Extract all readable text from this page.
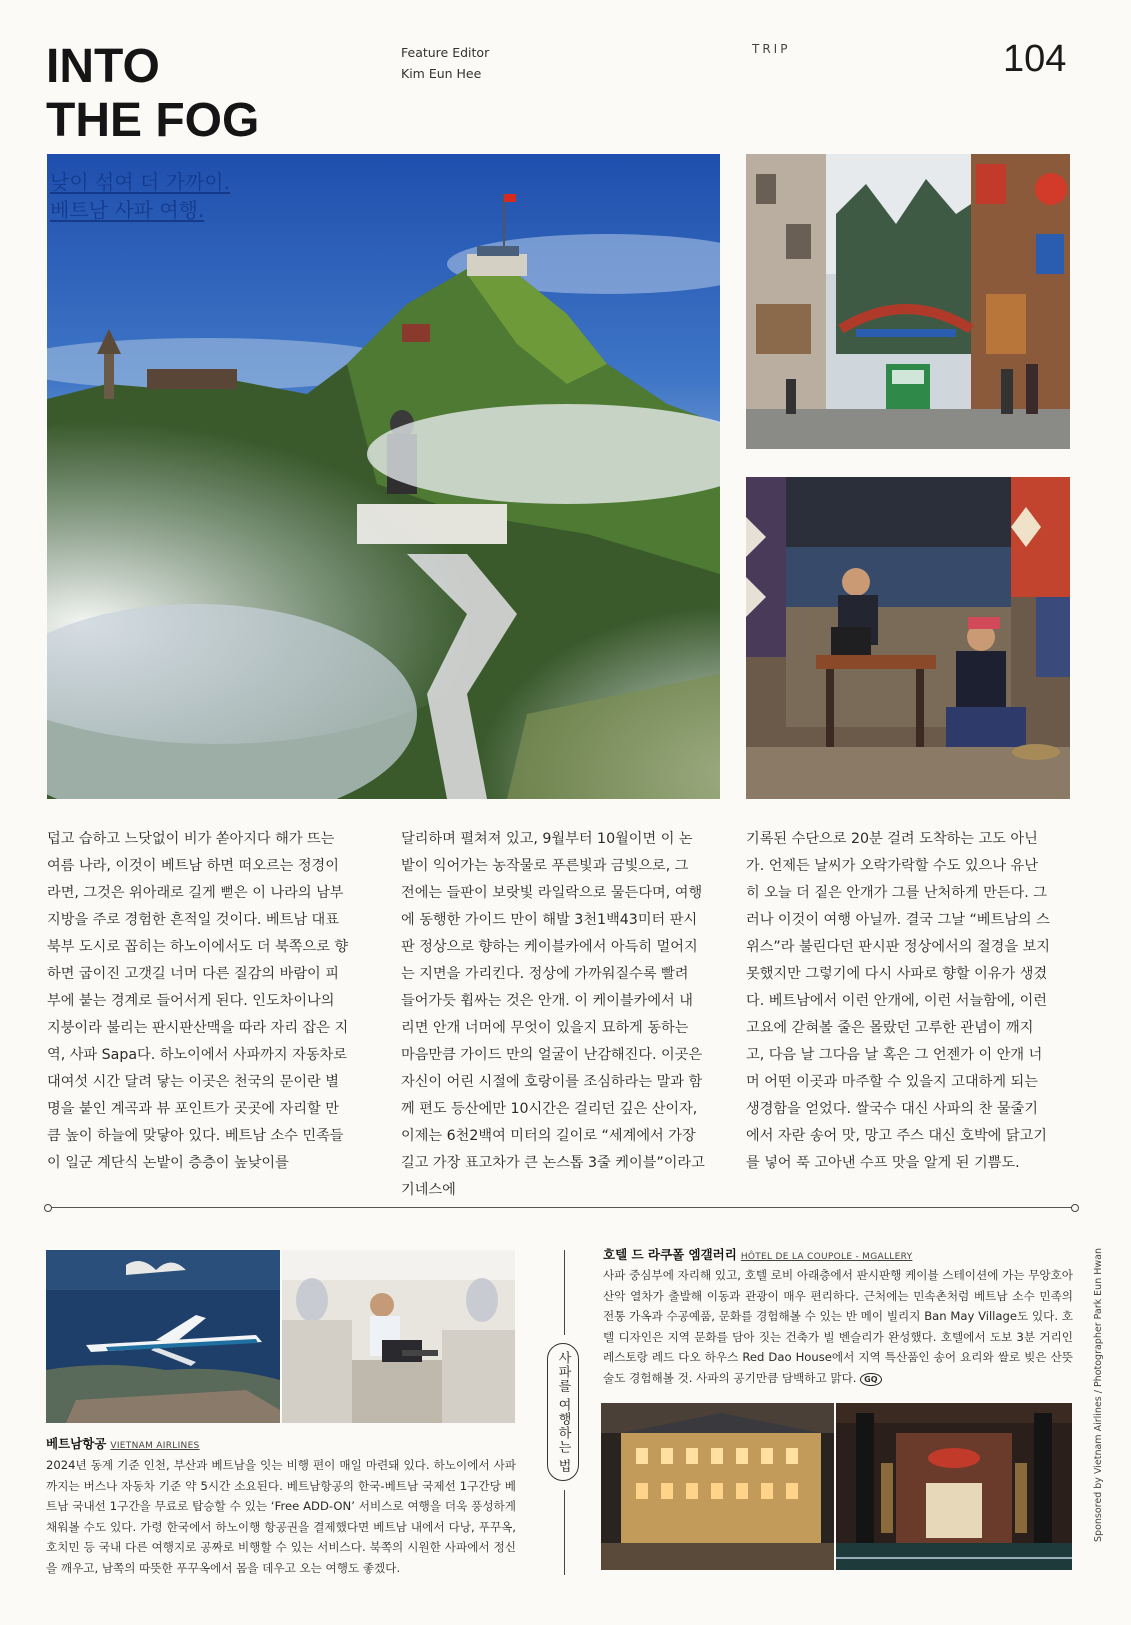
INTO
THE FOG
Feature Editor
Kim Eun Hee
TRIP	104
낮이 섞여 더 가까이.
베트남 사파 여행.

덥고 습하고 느닷없이 비가 쏟아지다 해가 뜨는 여름 나라, 이것이 베트남 하면 떠오르는 정경이라면, 그것은 위아래로 길게 뻗은 이 나라의 남부지방을 주로 경험한 흔적일 것이다. 베트남 대표 북부 도시로 꼽히는 하노이에서도 더 북쪽으로 향하면 굽이진 고갯길 너머 다른 질감의 바람이 피부에 붙는 경계로 들어서게 된다. 인도차이나의 지붕이라 불리는 판시판산맥을 따라 자리 잡은 지역, 사파 Sapa다. 하노이에서 사파까지 자동차로 대여섯 시간 달려 닿는 이곳은 천국의 문이란 별명을 붙인 계곡과 뷰 포인트가 곳곳에 자리할 만큼 높이 하늘에 맞닿아 있다. 베트남 소수 민족들이 일군 계단식 논밭이 층층이 높낮이를

달리하며 펼쳐져 있고, 9월부터 10월이면 이 논밭이 익어가는 농작물로 푸른빛과 금빛으로, 그 전에는 들판이 보랏빛 라일락으로 물든다며, 여행에 동행한 가이드 만이 해발 3천1백43미터 판시판 정상으로 향하는 케이블카에서 아득히 멀어지는 지면을 가리킨다. 정상에 가까워질수록 빨려 들어가듯 휩싸는 것은 안개. 이 케이블카에서 내리면 안개 너머에 무엇이 있을지 묘하게 동하는 마음만큼 가이드 만의 얼굴이 난감해진다. 이곳은 자신이 어린 시절에 호랑이를 조심하라는 말과 함께 편도 등산에만 10시간은 걸리던 깊은 산이자, 이제는 6천2백여 미터의 길이로 “세계에서 가장 길고 가장 표고차가 큰 논스톱 3줄 케이블”이라고 기네스에

기록된 수단으로 20분 걸려 도착하는 고도 아닌가. 언제든 날씨가 오락가락할 수도 있으나 유난히 오늘 더 짙은 안개가 그를 난처하게 만든다. 그러나 이것이 여행 아닐까. 결국 그날 “베트남의 스위스”라 불린다던 판시판 정상에서의 절경을 보지 못했지만 그렇기에 다시 사파로 향할 이유가 생겼다. 베트남에서 이런 안개에, 이런 서늘함에, 이런 고요에 갇혀볼 줄은 몰랐던 고루한 관념이 깨지고, 다음 날 그다음 날 혹은 그 언젠가 이 안개 너머 어떤 이곳과 마주할 수 있을지 고대하게 되는 생경함을 얻었다. 쌀국수 대신 사파의 찬 물줄기에서 자란 송어 맛, 망고 주스 대신 호박에 닭고기를 넣어 푹 고아낸 수프 맛을 알게 된 기쁨도.

베트남항공 VIETNAM AIRLINES
2024년 동계 기준 인천, 부산과 베트남을 잇는 비행 편이 매일 마련돼 있다. 하노이에서 사파까지는 버스나 자동차 기준 약 5시간 소요된다. 베트남항공의 한국-베트남 국제선 1구간당 베트남 국내선 1구간을 무료로 탑승할 수 있는 ‘Free ADD-ON’ 서비스로 여행을 더욱 풍성하게 채워볼 수도 있다. 가령 한국에서 하노이행 항공권을 결제했다면 베트남 내에서 다낭, 푸꾸옥, 호치민 등 국내 다른 여행지로 공짜로 비행할 수 있는 서비스다. 북쪽의 시원한 사파에서 정신을 깨우고, 남쪽의 따뜻한 푸꾸옥에서 몸을 데우고 오는 여행도 좋겠다.
사파를 여행하는 법
호텔 드 라쿠폴 엠갤러리 HÔTEL DE LA COUPOLE - MGALLERY
사파 중심부에 자리해 있고, 호텔 로비 아래층에서 판시판행 케이블 스테이션에 가는 무앙호아 산악 열차가 출발해 이동과 관광이 매우 편리하다. 근처에는 민속촌처럼 베트남 소수 민족의 전통 가옥과 수공예품, 문화를 경험해볼 수 있는 반 메이 빌리지 Ban May Village도 있다. 호텔 디자인은 지역 문화를 담아 짓는 건축가 빌 벤슬리가 완성했다. 호텔에서 도보 3분 거리인 레스토랑 레드 다오 하우스 Red Dao House에서 지역 특산품인 송어 요리와 쌀로 빚은 산뜻 술도 경험해볼 것. 사파의 공기만큼 담백하고 맑다. GQ	Sponsored by Vietnam Airlines / Photographer Park Eun Hwan
